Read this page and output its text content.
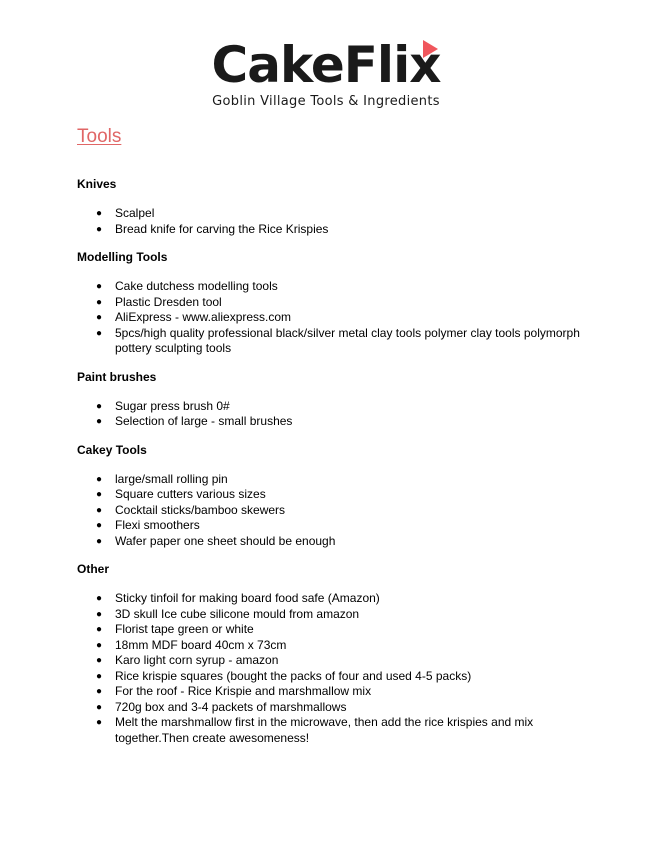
CakeFlix
Goblin Village Tools & Ingredients
Tools
Knives
● Scalpel
● Bread knife for carving the Rice Krispies
Modelling Tools
● Cake dutchess modelling tools
● Plastic Dresden tool
● AliExpress - www.aliexpress.com
● 5pcs/high quality professional black/silver metal clay tools polymer clay tools polymorph pottery sculpting tools
Paint brushes
● Sugar press brush 0#
● Selection of large - small brushes
Cakey Tools
● large/small rolling pin
● Square cutters various sizes
● Cocktail sticks/bamboo skewers
● Flexi smoothers
● Wafer paper one sheet should be enough
Other
● Sticky tinfoil for making board food safe (Amazon)
● 3D skull Ice cube silicone mould from amazon
● Florist tape green or white
● 18mm MDF board 40cm x 73cm
● Karo light corn syrup - amazon
● Rice krispie squares (bought the packs of four and used 4-5 packs)
● For the roof - Rice Krispie and marshmallow mix
● 720g box and 3-4 packets of marshmallows
● Melt the marshmallow first in the microwave, then add the rice krispies and mix together.Then create awesomeness!
